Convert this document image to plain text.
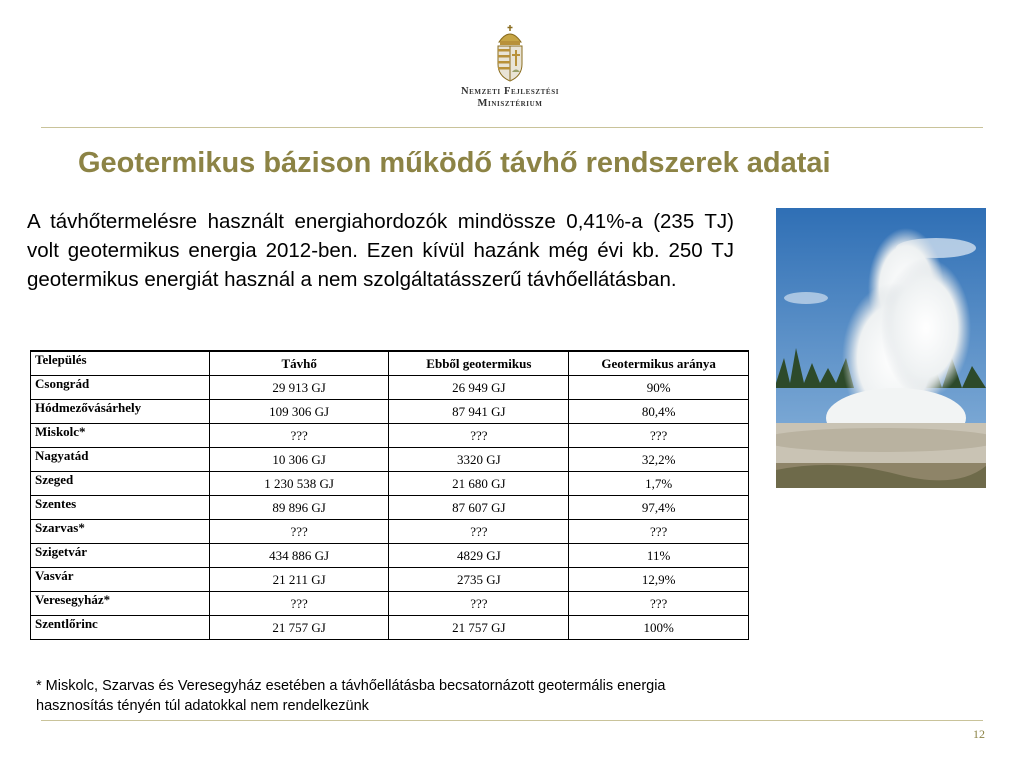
Nemzeti Fejlesztési
Minisztérium
Geotermikus bázison működő távhő rendszerek adatai

A távhőtermelésre használt energiahordozók mindössze 0,41%-a (235 TJ) volt geotermikus energia 2012-ben. Ezen kívül hazánk még évi kb. 250 TJ geotermikus energiát használ a nem szolgáltatásszerű távhőellátásban.

Település	Távhő	Ebből geotermikus	Geotermikus aránya
Csongrád	29 913 GJ	26 949 GJ	90%
Hódmezővásárhely	109 306 GJ	87 941 GJ	80,4%
Miskolc*	???	???	???
Nagyatád	10 306 GJ	3320 GJ	32,2%
Szeged	1 230 538 GJ	21 680 GJ	1,7%
Szentes	89 896 GJ	87 607 GJ	97,4%
Szarvas*	???	???	???
Szigetvár	434 886 GJ	4829 GJ	11%
Vasvár	21 211 GJ	2735 GJ	12,9%
Veresegyház*	???	???	???
Szentlőrinc	21 757 GJ	21 757 GJ	100%
* Miskolc, Szarvas és Veresegyház esetében a távhőellátásba becsatornázott geotermális energia hasznosítás tényén túl adatokkal nem rendelkezünk
12
